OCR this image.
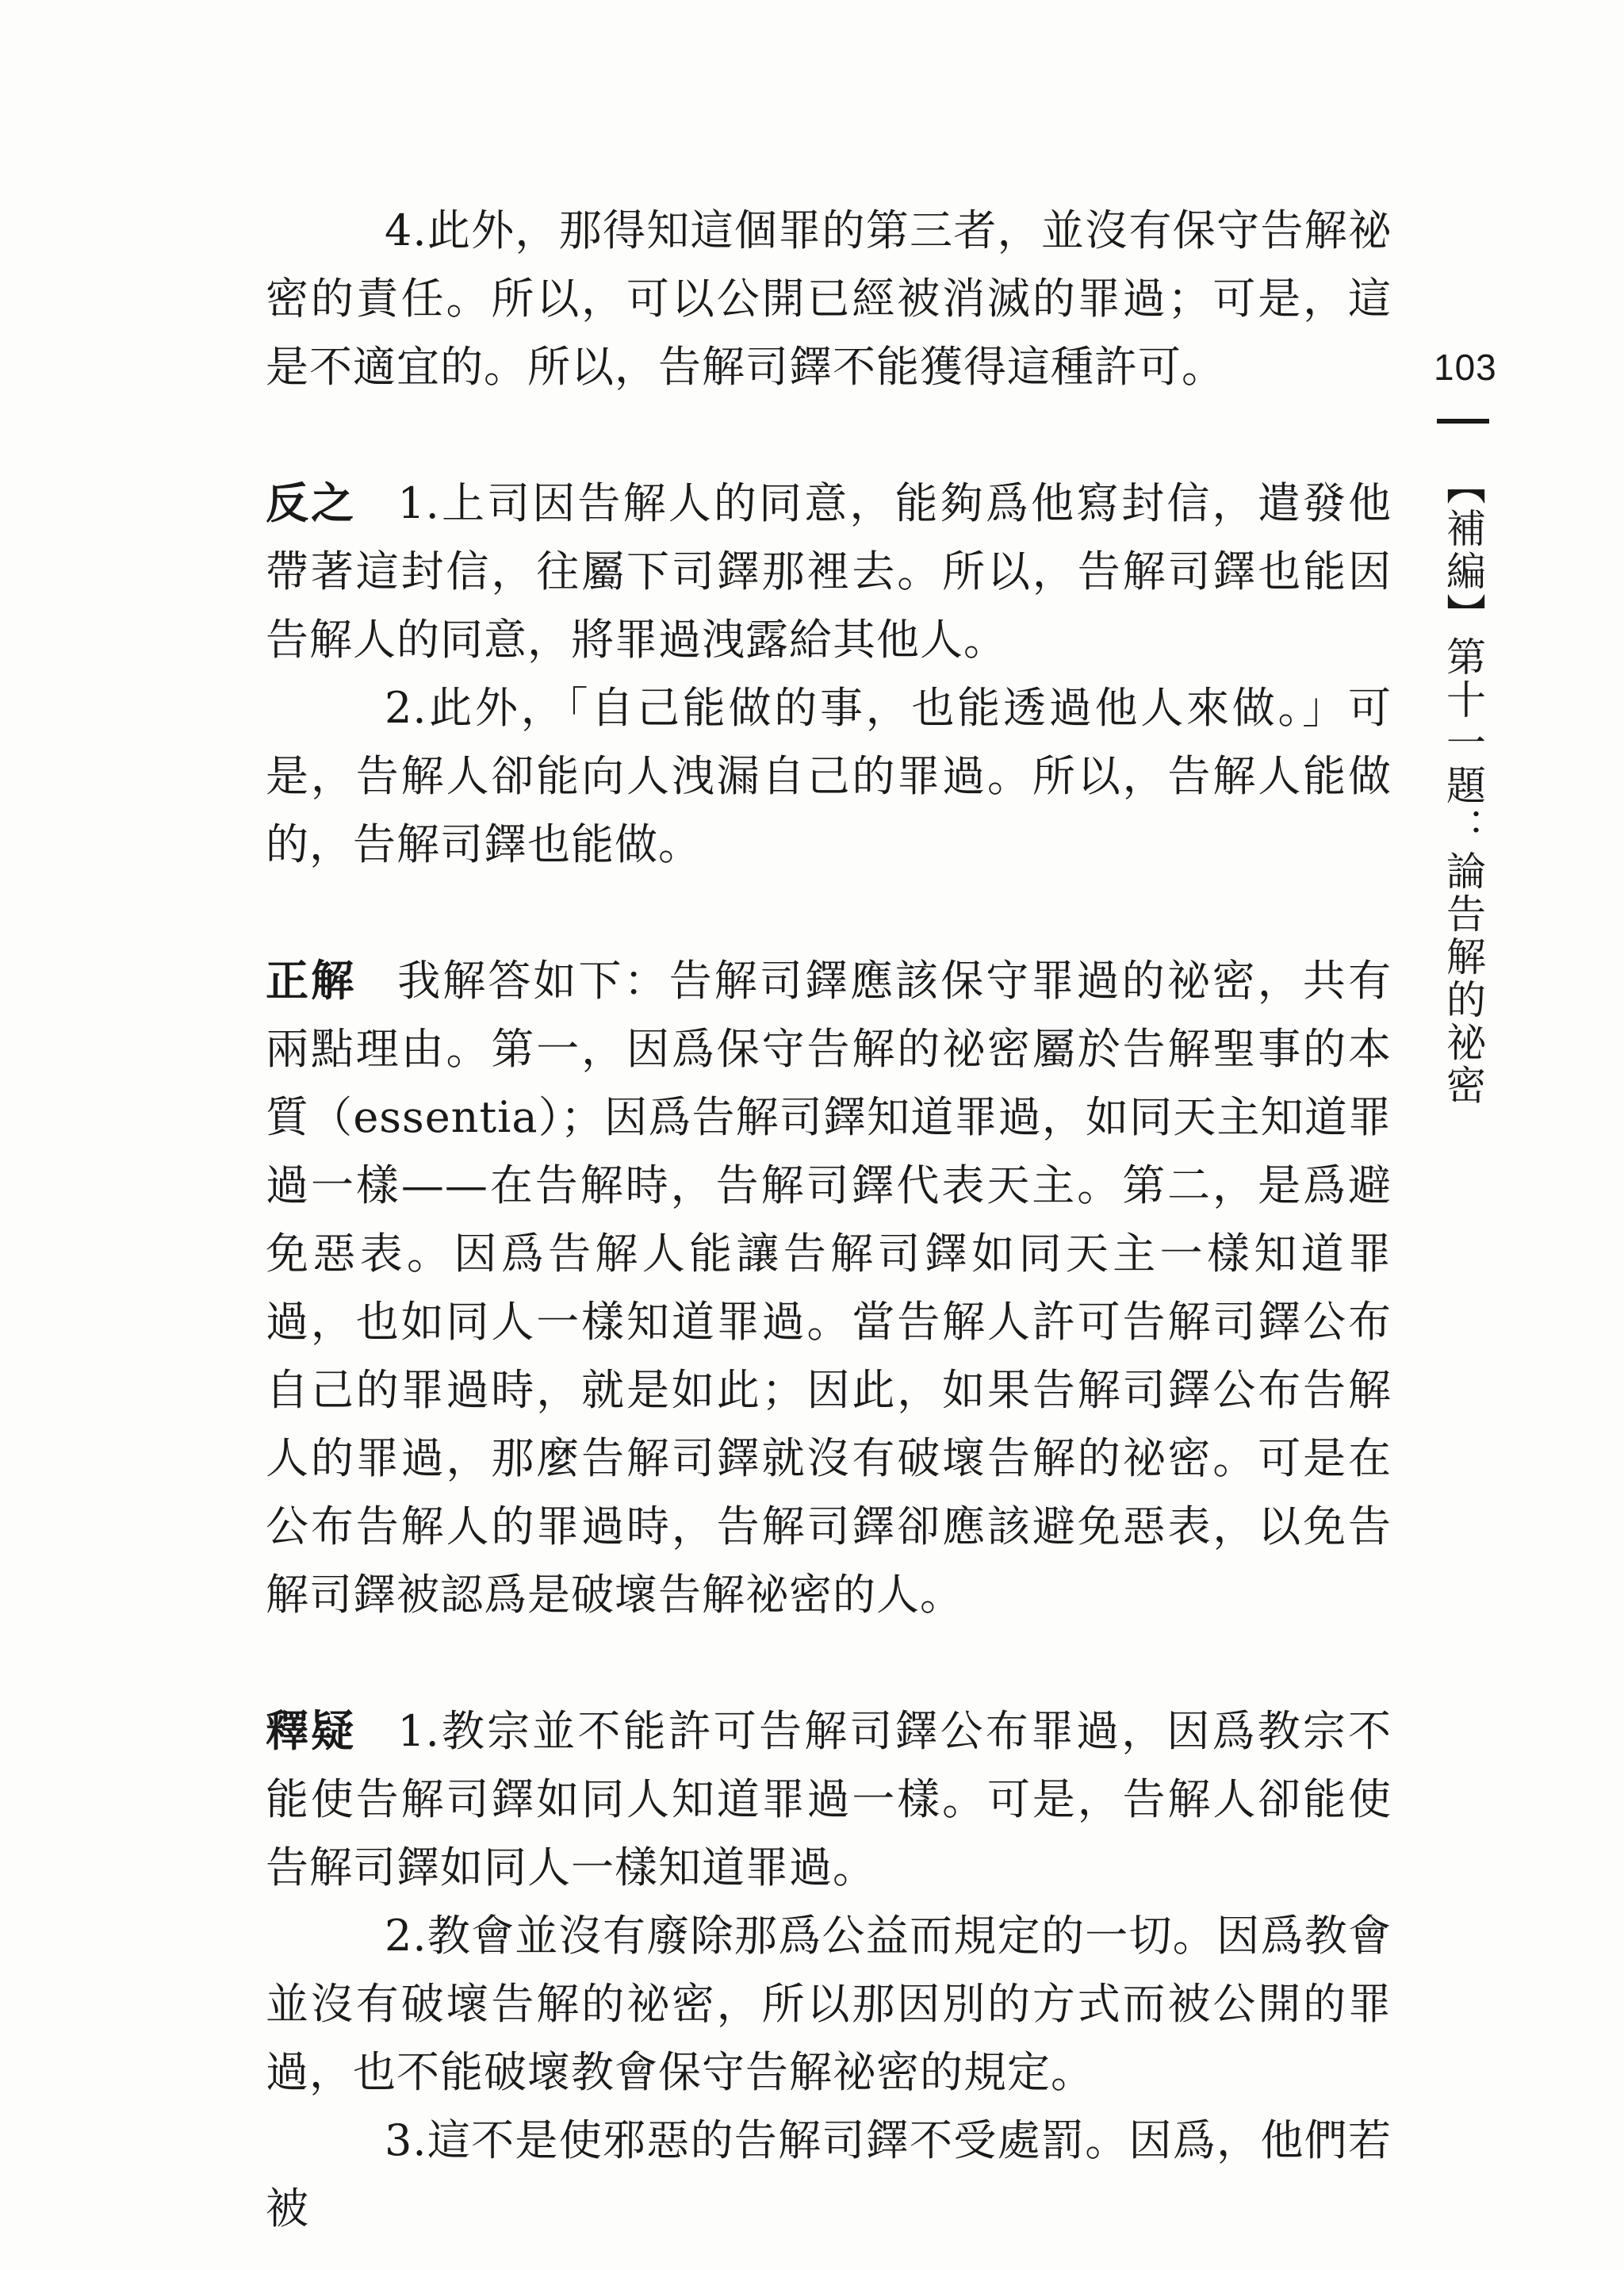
4.此外，那得知這個罪的第三者，並沒有保守告解祕密的責任。所以，可以公開已經被消滅的罪過；可是，這是不適宜的。所以，告解司鐸不能獲得這種許可。

反之 1.上司因告解人的同意，能夠爲他寫封信，遣發他帶著這封信，往屬下司鐸那裡去。所以，告解司鐸也能因告解人的同意，將罪過洩露給其他人。

2.此外，「自己能做的事，也能透過他人來做。」可是，告解人卻能向人洩漏自己的罪過。所以，告解人能做的，告解司鐸也能做。

正解 我解答如下：告解司鐸應該保守罪過的祕密，共有兩點理由。第一，因爲保守告解的祕密屬於告解聖事的本質（essentia）；因爲告解司鐸知道罪過，如同天主知道罪過一樣——在告解時，告解司鐸代表天主。第二，是爲避免惡表。因爲告解人能讓告解司鐸如同天主一樣知道罪過，也如同人一樣知道罪過。當告解人許可告解司鐸公布自己的罪過時，就是如此；因此，如果告解司鐸公布告解人的罪過，那麼告解司鐸就沒有破壞告解的祕密。可是在公布告解人的罪過時，告解司鐸卻應該避免惡表，以免告解司鐸被認爲是破壞告解祕密的人。

釋疑 1.教宗並不能許可告解司鐸公布罪過，因爲教宗不能使告解司鐸如同人知道罪過一樣。可是，告解人卻能使告解司鐸如同人一樣知道罪過。

2.教會並沒有廢除那爲公益而規定的一切。因爲教會並沒有破壞告解的祕密，所以那因別的方式而被公開的罪過，也不能破壞教會保守告解祕密的規定。

3.這不是使邪惡的告解司鐸不受處罰。因爲，他們若被

103
【補編】第十一題：論告解的祕密
